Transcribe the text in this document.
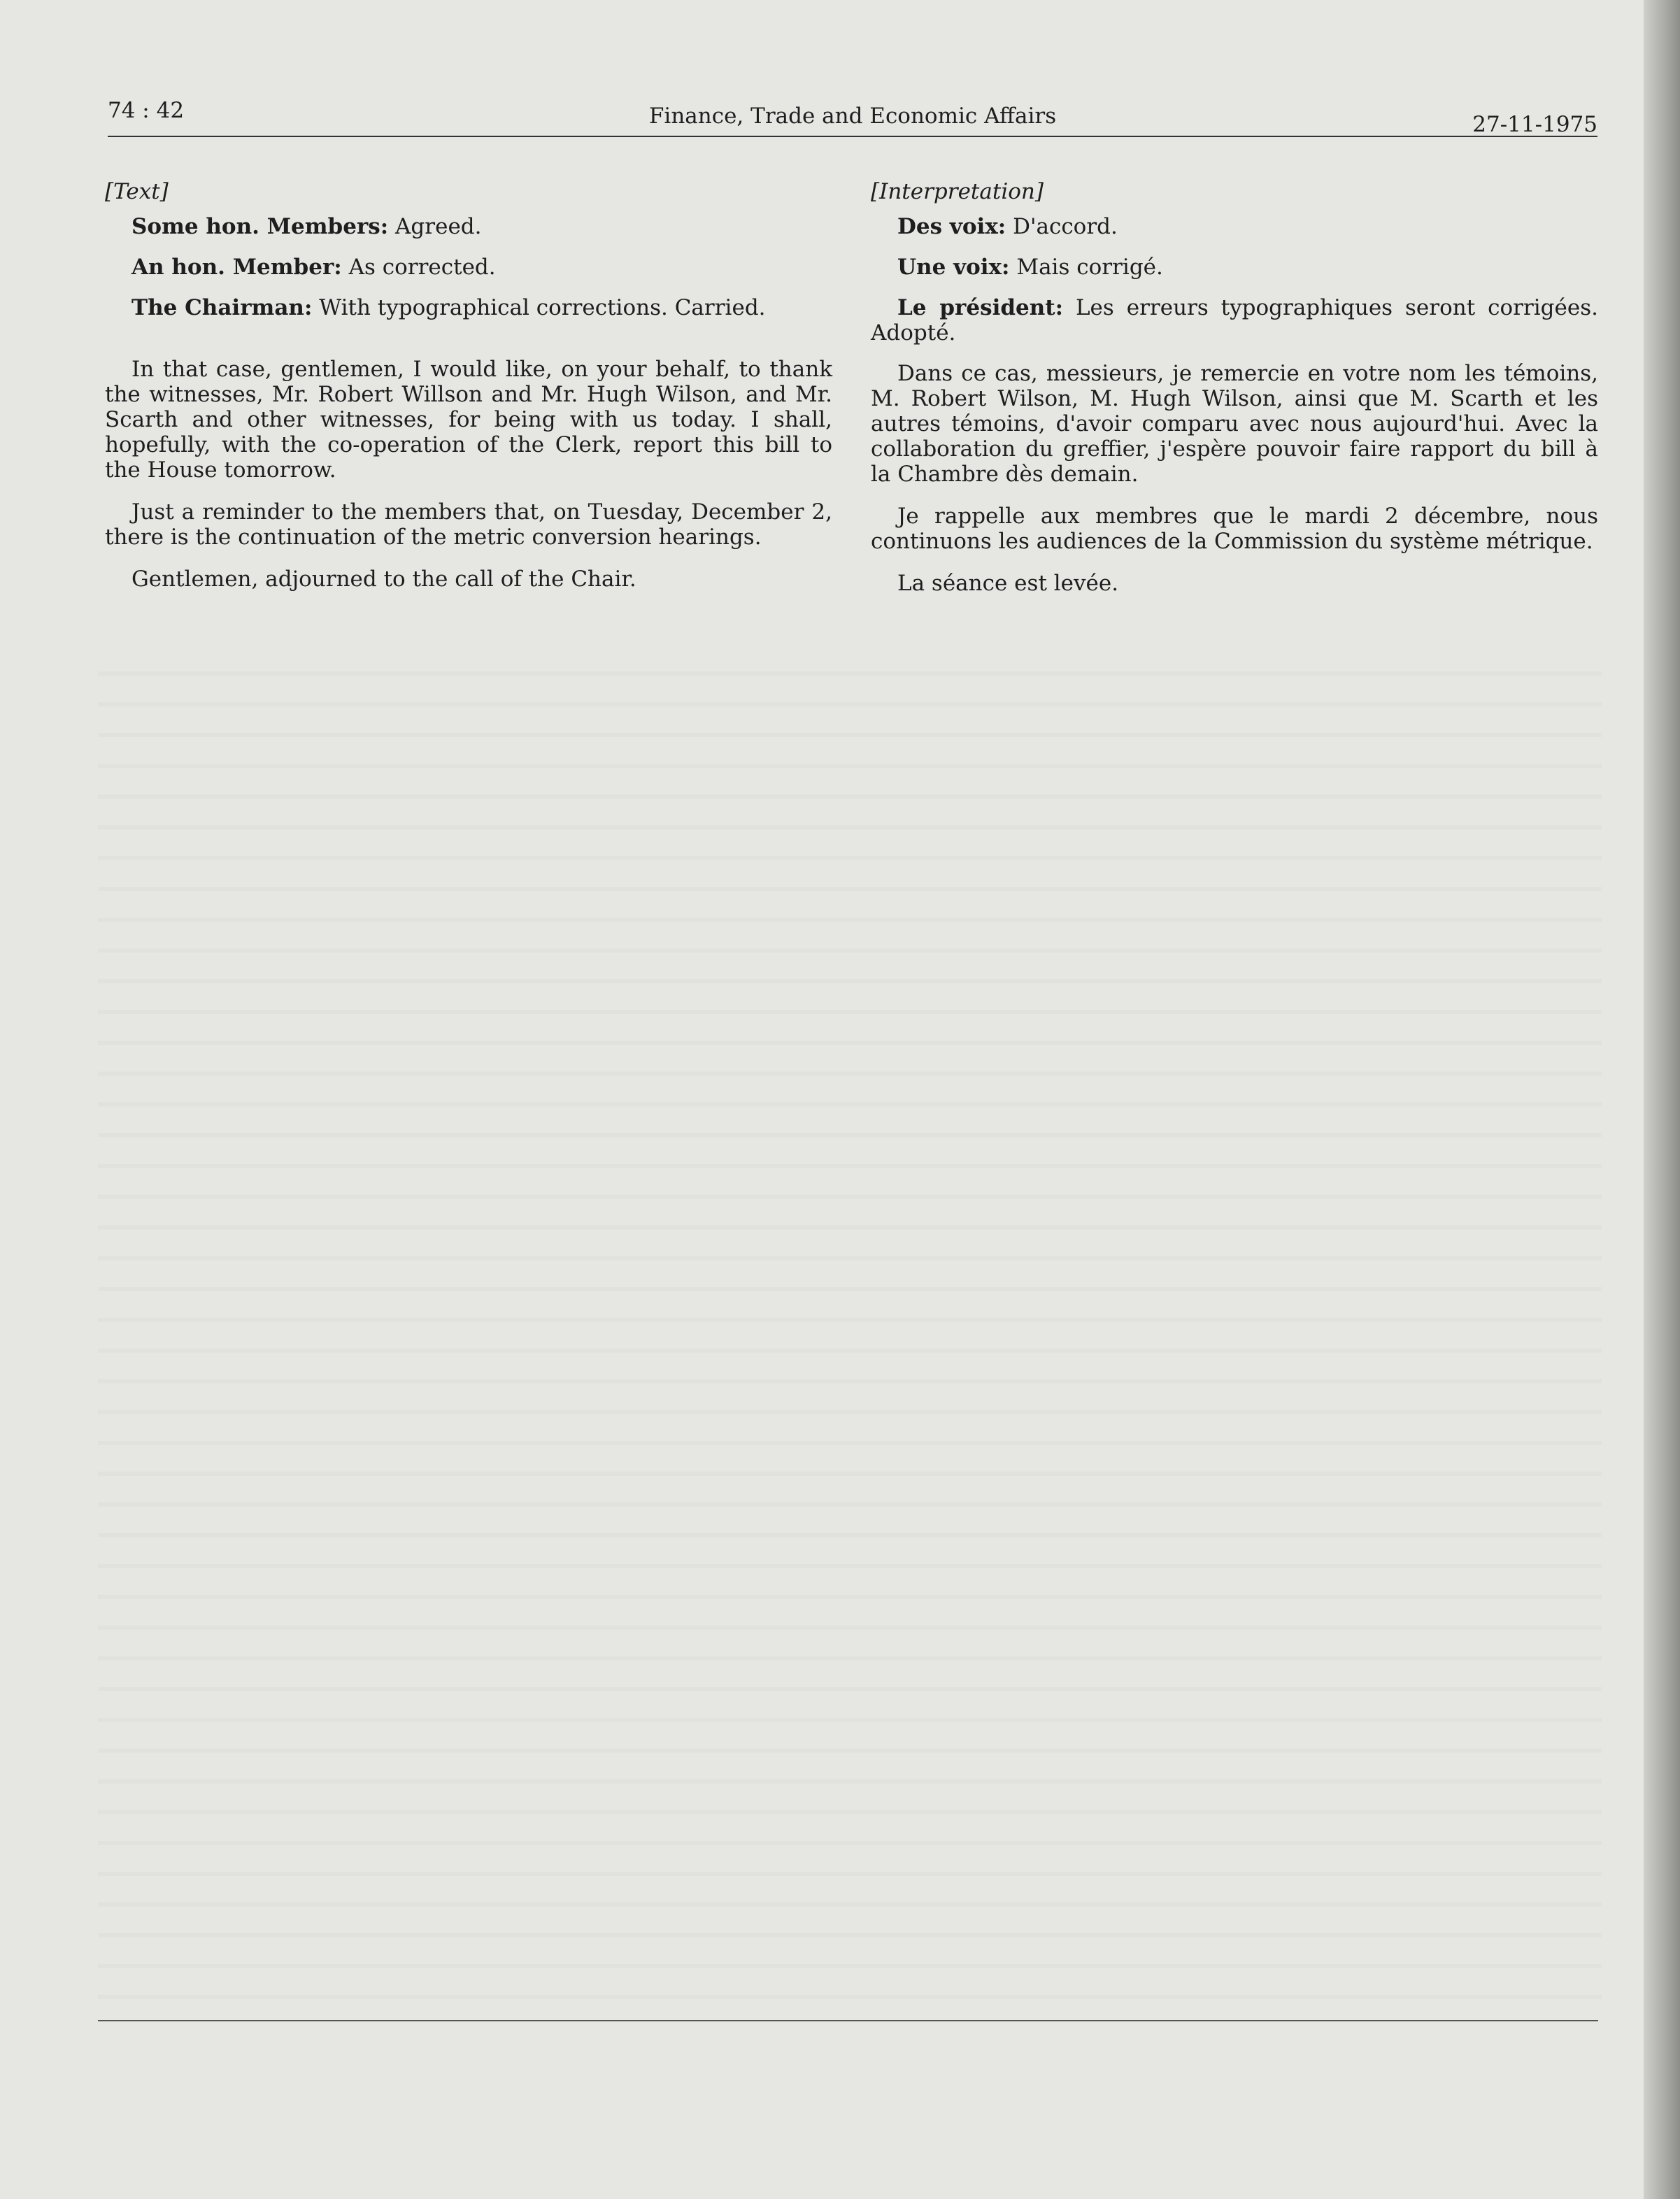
74 : 42	Finance, Trade and Economic Affairs	27-11-1975

[Text]

Some hon. Members: Agreed.

An hon. Member: As corrected.

The Chairman: With typographical corrections. Carried.

In that case, gentlemen, I would like, on your behalf, to thank the witnesses, Mr. Robert Willson and Mr. Hugh Wilson, and Mr. Scarth and other witnesses, for being with us today. I shall, hopefully, with the co-operation of the Clerk, report this bill to the House tomorrow.

Just a reminder to the members that, on Tuesday, December 2, there is the continuation of the metric conversion hearings.

Gentlemen, adjourned to the call of the Chair.

[Interpretation]

Des voix: D'accord.

Une voix: Mais corrigé.

Le président: Les erreurs typographiques seront corrigées. Adopté.

Dans ce cas, messieurs, je remercie en votre nom les témoins, M. Robert Wilson, M. Hugh Wilson, ainsi que M. Scarth et les autres témoins, d'avoir comparu avec nous aujourd'hui. Avec la collaboration du greffier, j'espère pouvoir faire rapport du bill à la Chambre dès demain.

Je rappelle aux membres que le mardi 2 décembre, nous continuons les audiences de la Commission du système métrique.

La séance est levée.
